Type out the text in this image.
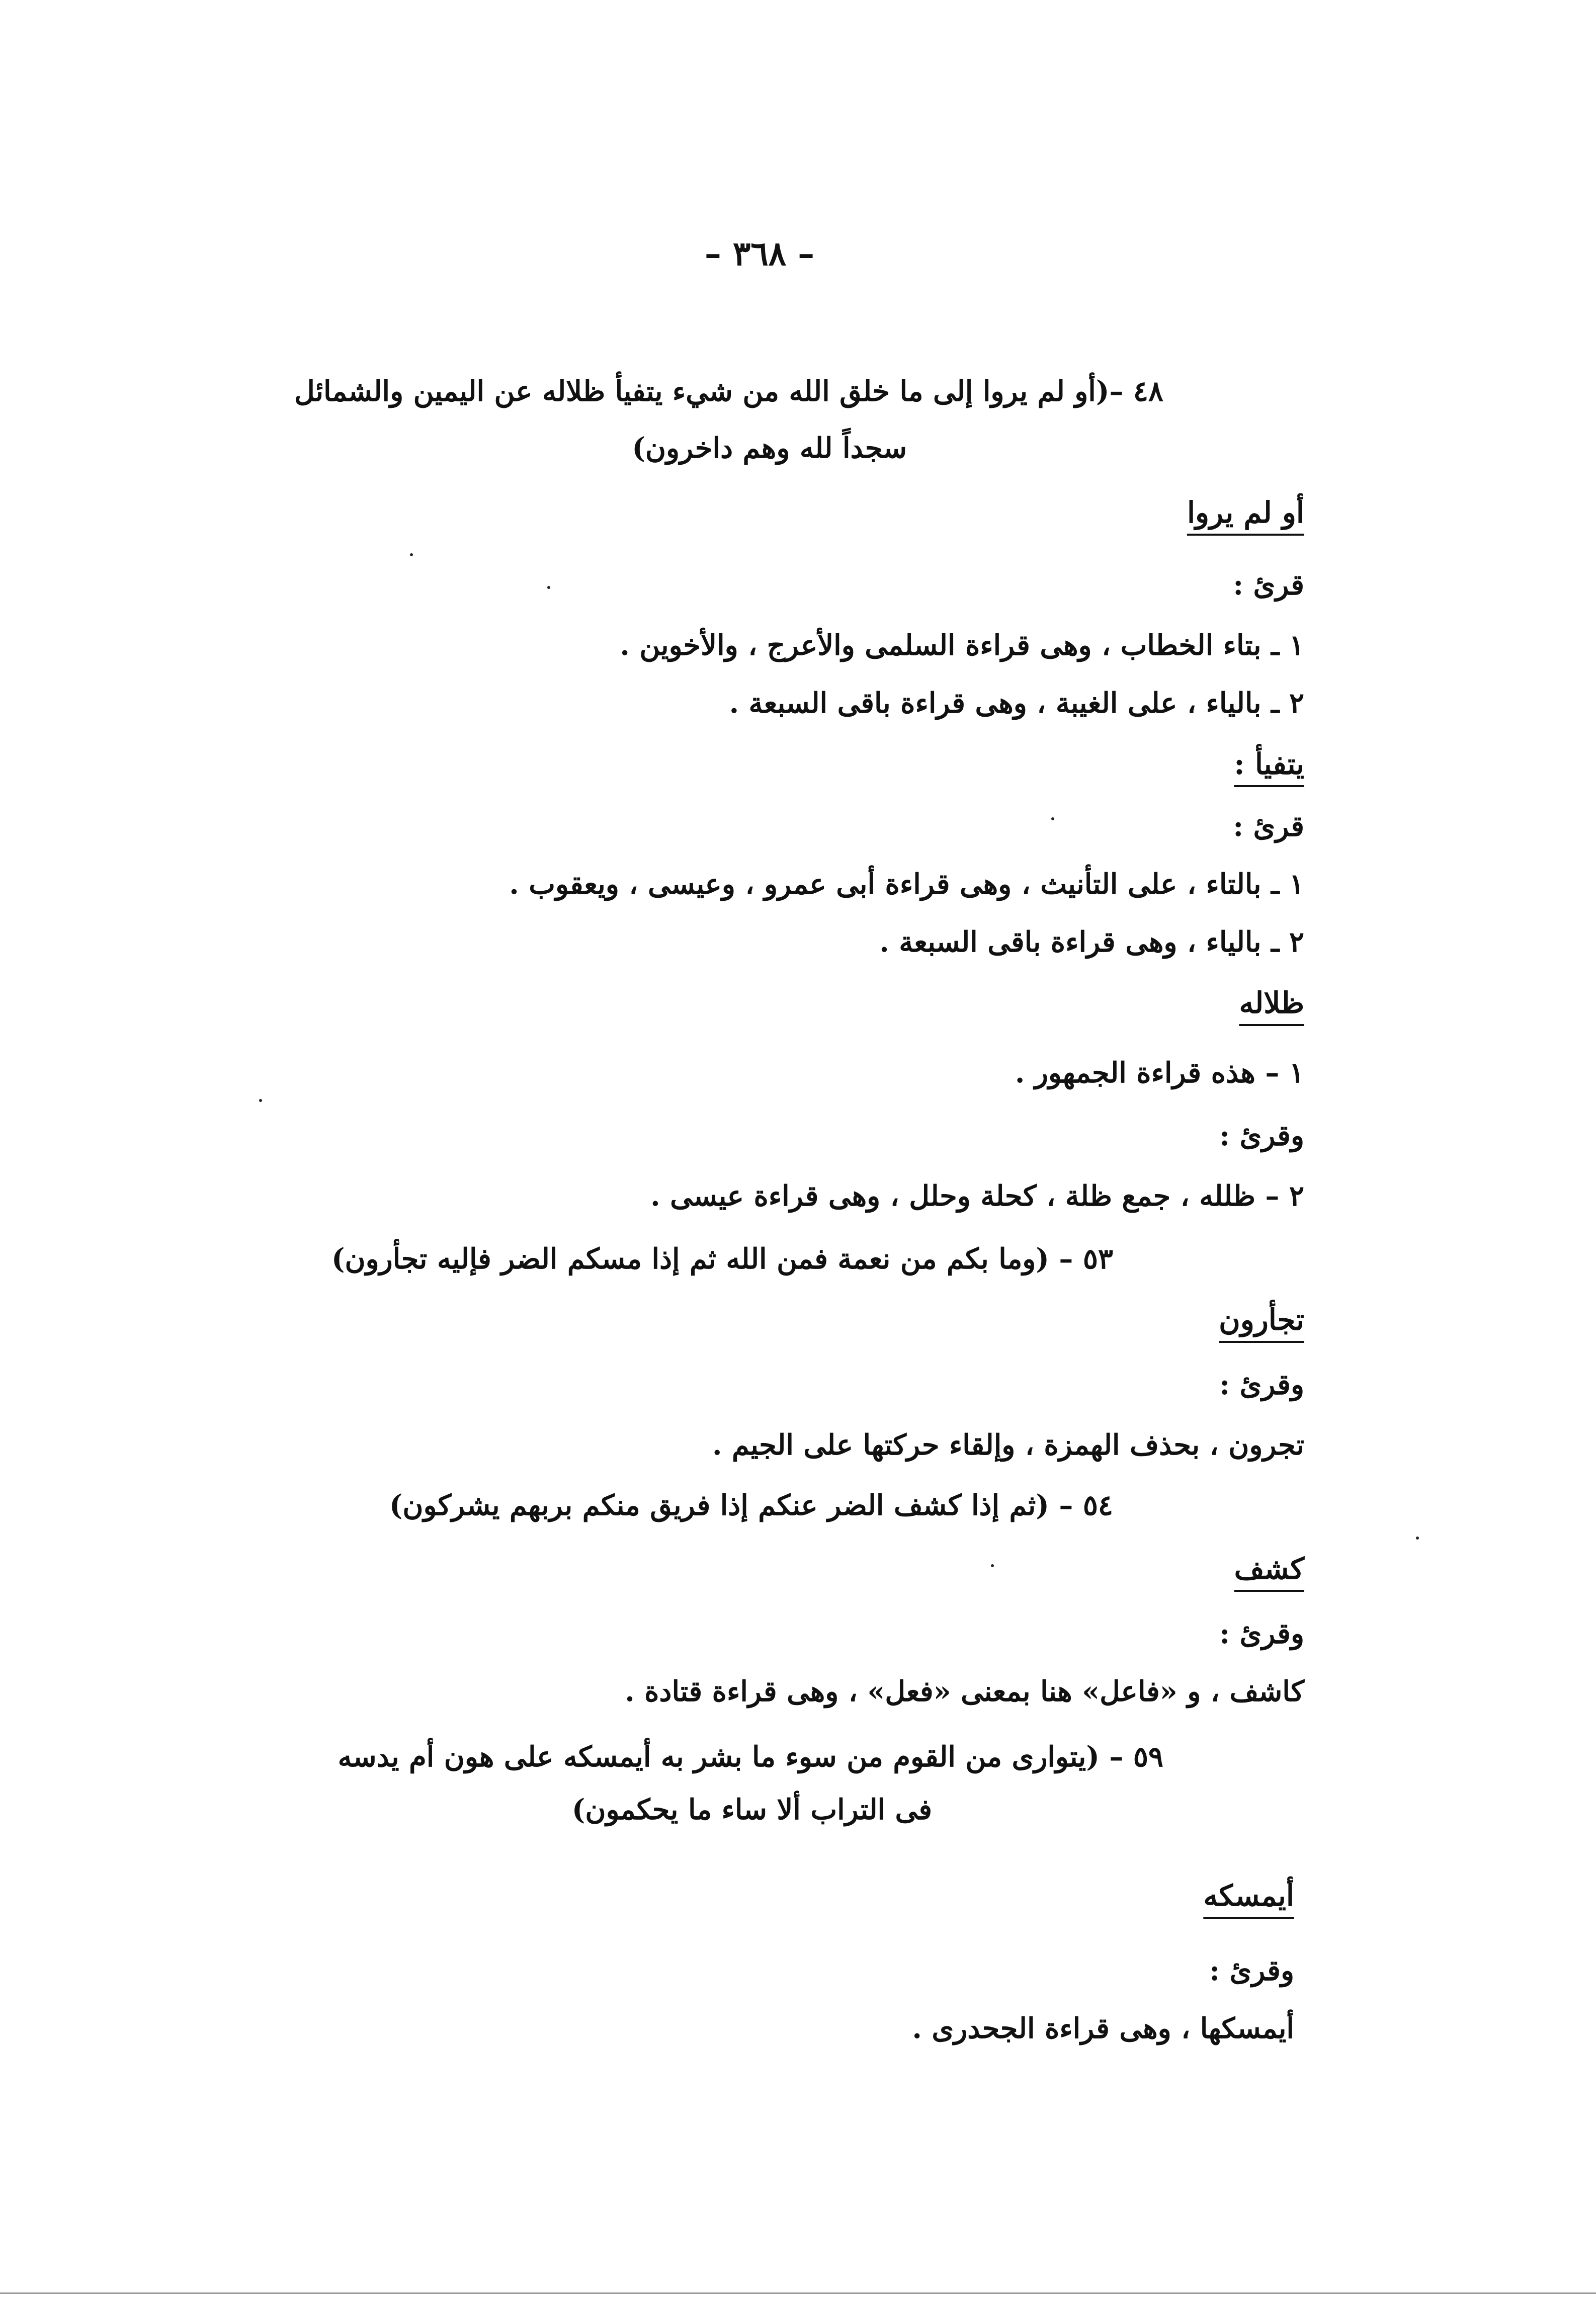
– ٣٦٨ –
٤٨ –(أو لم يروا إلى ما خلق الله من شيء يتفيأ ظلاله عن اليمين والشمائل
سجداً لله وهم داخرون)
أو لم يروا
قرئ :
١ ـ بتاء الخطاب ، وهى قراءة السلمى والأعرج ، والأخوين .
٢ ـ بالياء ، على الغيبة ، وهى قراءة باقى السبعة .
يتفيأ :
قرئ :
١ ـ بالتاء ، على التأنيث ، وهى قراءة أبى عمرو ، وعيسى ، ويعقوب .
٢ ـ بالياء ، وهى قراءة باقى السبعة .
ظلاله
١ – هذه قراءة الجمهور .
وقرئ :
٢ – ظلله ، جمع ظلة ، كحلة وحلل ، وهى قراءة عيسى .
٥٣ – (وما بكم من نعمة فمن الله ثم إذا مسكم الضر فإليه تجأرون)
تجأرون
وقرئ :
تجرون ، بحذف الهمزة ، وإلقاء حركتها على الجيم .
٥٤ – (ثم إذا كشف الضر عنكم إذا فريق منكم بربهم يشركون)
كشف
وقرئ :
كاشف ، و «فاعل» هنا بمعنى «فعل» ، وهى قراءة قتادة .
٥٩ – (يتوارى من القوم من سوء ما بشر به أيمسكه على هون أم يدسه
فى التراب ألا ساء ما يحكمون)
أيمسكه
وقرئ :
أيمسكها ، وهى قراءة الجحدرى .
